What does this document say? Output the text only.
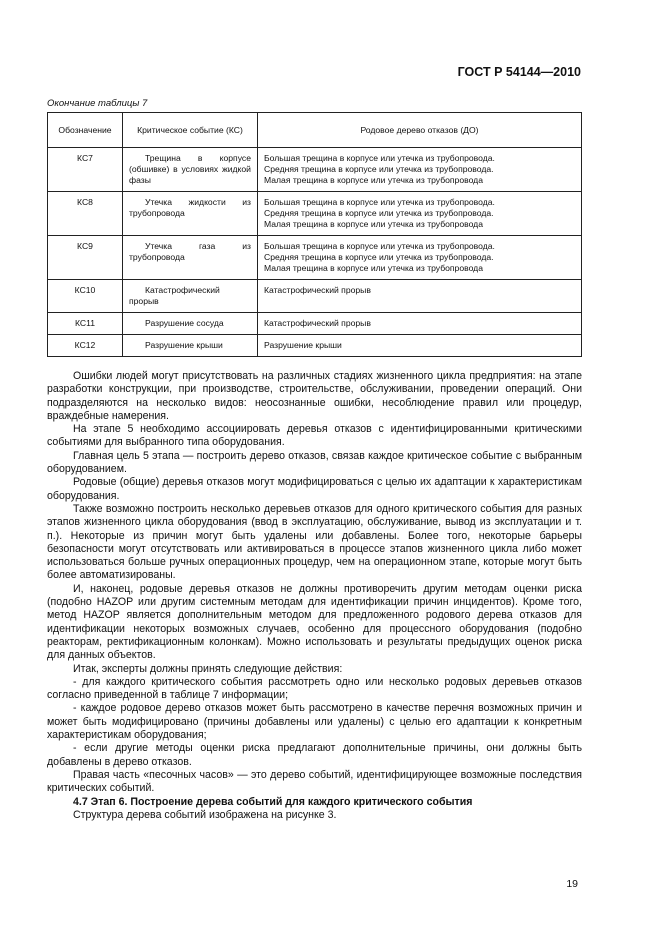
ГОСТ Р 54144—2010
Окончание таблицы 7
Обозначение	Критическое событие (КС)	Родовое дерево отказов (ДО)
КС7	Трещина в корпусе (обшивке) в условиях жидкой фазы	Большая трещина в корпусе или утечка из трубопровода.
Средняя трещина в корпусе или утечка из трубопровода.
Малая трещина в корпусе или утечка из трубопровода

КС8	Утечка жидкости из трубопровода	Большая трещина в корпусе или утечка из трубопровода.
Средняя трещина в корпусе или утечка из трубопровода.
Малая трещина в корпусе или утечка из трубопровода

КС9	Утечка газа из трубопровода	Большая трещина в корпусе или утечка из трубопровода.
Средняя трещина в корпусе или утечка из трубопровода.
Малая трещина в корпусе или утечка из трубопровода

КС10	Катастрофический прорыв	Катастрофический прорыв

КС11	Разрушение сосуда	Катастрофический прорыв

КС12	Разрушение крыши	Разрушение крыши

Ошибки людей могут присутствовать на различных стадиях жизненного цикла предприятия: на этапе разработки конструкции, при производстве, строительстве, обслуживании, проведении операций. Они подразделяются на несколько видов: неосознанные ошибки, несоблюдение правил или процедур, враждебные намерения.

На этапе 5 необходимо ассоциировать деревья отказов с идентифицированными критическими событиями для выбранного типа оборудования.

Главная цель 5 этапа — построить дерево отказов, связав каждое критическое событие с выбранным оборудованием.

Родовые (общие) деревья отказов могут модифицироваться с целью их адаптации к характеристикам оборудования.

Также возможно построить несколько деревьев отказов для одного критического события для разных этапов жизненного цикла оборудования (ввод в эксплуатацию, обслуживание, вывод из эксплуатации и т. п.). Некоторые из причин могут быть удалены или добавлены. Более того, некоторые барьеры безопасности могут отсутствовать или активироваться в процессе этапов жизненного цикла либо может использоваться больше ручных операционных процедур, чем на операционном этапе, которые могут быть более автоматизированы.

И, наконец, родовые деревья отказов не должны противоречить другим методам оценки риска (подобно HAZOP или другим системным методам для идентификации причин инцидентов). Кроме того, метод HAZOP является дополнительным методом для предложенного родового дерева отказов для идентификации некоторых возможных случаев, особенно для процессного оборудования (подобно реакторам, ректификационным колонкам). Можно использовать и результаты предыдущих оценок риска для данных объектов.

Итак, эксперты должны принять следующие действия:

- для каждого критического события рассмотреть одно или несколько родовых деревьев отказов согласно приведенной в таблице 7 информации;

- каждое родовое дерево отказов может быть рассмотрено в качестве перечня возможных причин и может быть модифицировано (причины добавлены или удалены) с целью его адаптации к конкретным характеристикам оборудования;

- если другие методы оценки риска предлагают дополнительные причины, они должны быть добавлены в дерево отказов.

Правая часть «песочных часов» — это дерево событий, идентифицирующее возможные последствия критических событий.

4.7 Этап 6. Построение дерева событий для каждого критического события

Структура дерева событий изображена на рисунке 3.

19
